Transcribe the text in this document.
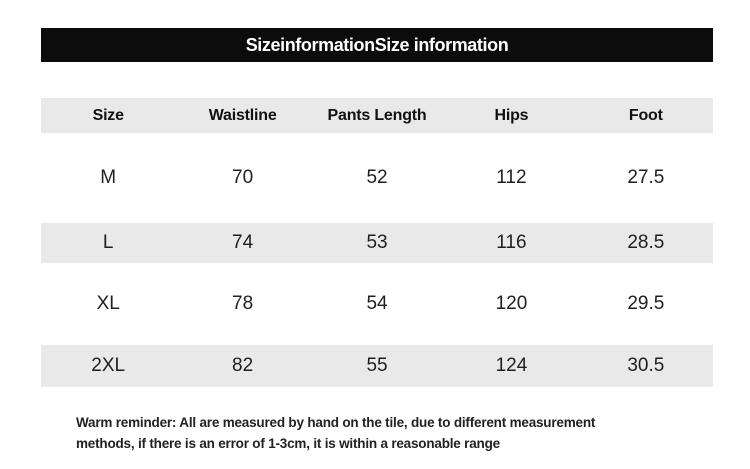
SizeinformationSize information
Size	Waistline	Pants Length	Hips	Foot
M	70	52	112	27.5
L	74	53	116	28.5
XL	78	54	120	29.5
2XL	82	55	124	30.5
Warm reminder: All are measured by hand on the tile, due to different measurement
methods, if there is an error of 1-3cm, it is within a reasonable range
